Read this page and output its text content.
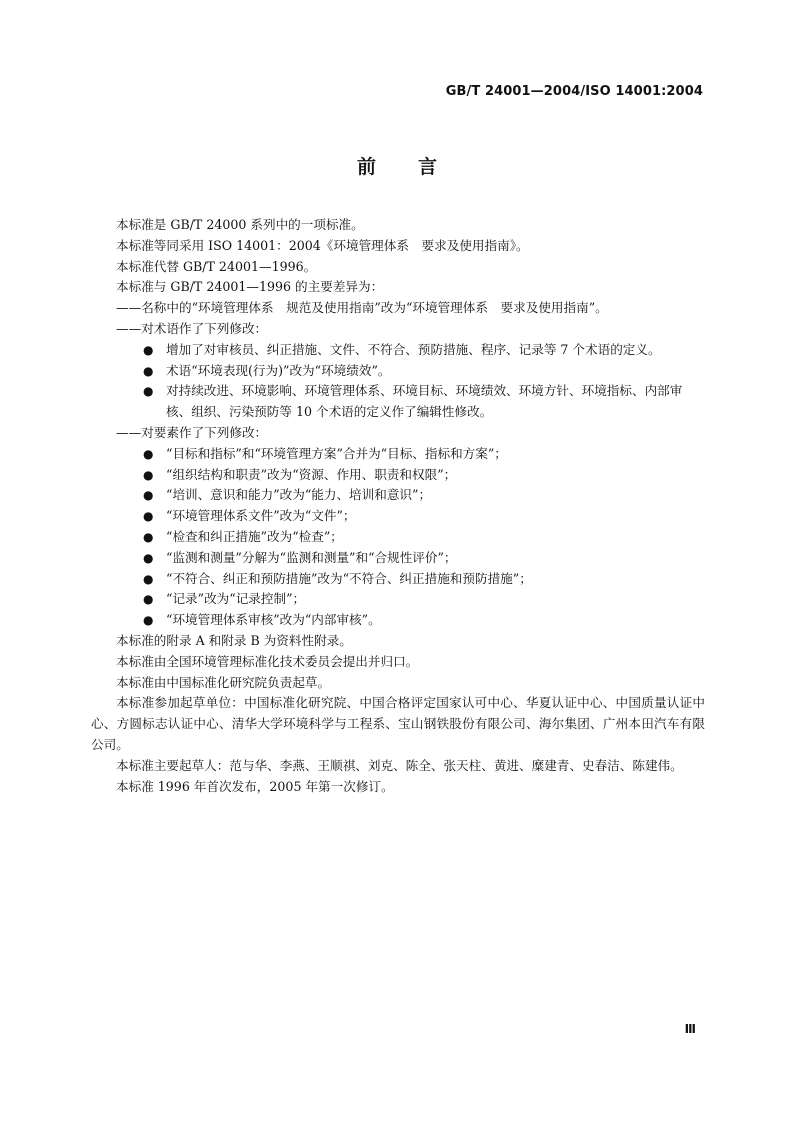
GB/T 24001—2004/ISO 14001:2004
前言
本标准是 GB/T 24000 系列中的一项标准。
本标准等同采用 ISO 14001：2004《环境管理体系　要求及使用指南》。
本标准代替 GB/T 24001—1996。
本标准与 GB/T 24001—1996 的主要差异为：
——名称中的“环境管理体系　规范及使用指南”改为“环境管理体系　要求及使用指南”。
——对术语作了下列修改：
● 增加了对审核员、纠正措施、文件、不符合、预防措施、程序、记录等 7 个术语的定义。
● 术语“环境表现(行为)”改为“环境绩效”。
● 对持续改进、环境影响、环境管理体系、环境目标、环境绩效、环境方针、环境指标、内部审核、组织、污染预防等 10 个术语的定义作了编辑性修改。
——对要素作了下列修改：
● “目标和指标”和“环境管理方案”合并为“目标、指标和方案”；
● “组织结构和职责”改为“资源、作用、职责和权限”；
● “培训、意识和能力”改为“能力、培训和意识”；
● “环境管理体系文件”改为“文件”；
● “检查和纠正措施”改为“检查”；
● “监测和测量”分解为“监测和测量”和“合规性评价”；
● “不符合、纠正和预防措施”改为“不符合、纠正措施和预防措施”；
● “记录”改为“记录控制”；
● “环境管理体系审核”改为“内部审核”。
本标准的附录 A 和附录 B 为资料性附录。
本标准由全国环境管理标准化技术委员会提出并归口。
本标准由中国标准化研究院负责起草。
本标准参加起草单位：中国标准化研究院、中国合格评定国家认可中心、华夏认证中心、中国质量认证中心、方圆标志认证中心、清华大学环境科学与工程系、宝山钢铁股份有限公司、海尔集团、广州本田汽车有限公司。
本标准主要起草人：范与华、李燕、王顺祺、刘克、陈全、张天柱、黄进、糜建青、史春洁、陈建伟。
本标准 1996 年首次发布，2005 年第一次修订。
Ⅲ
